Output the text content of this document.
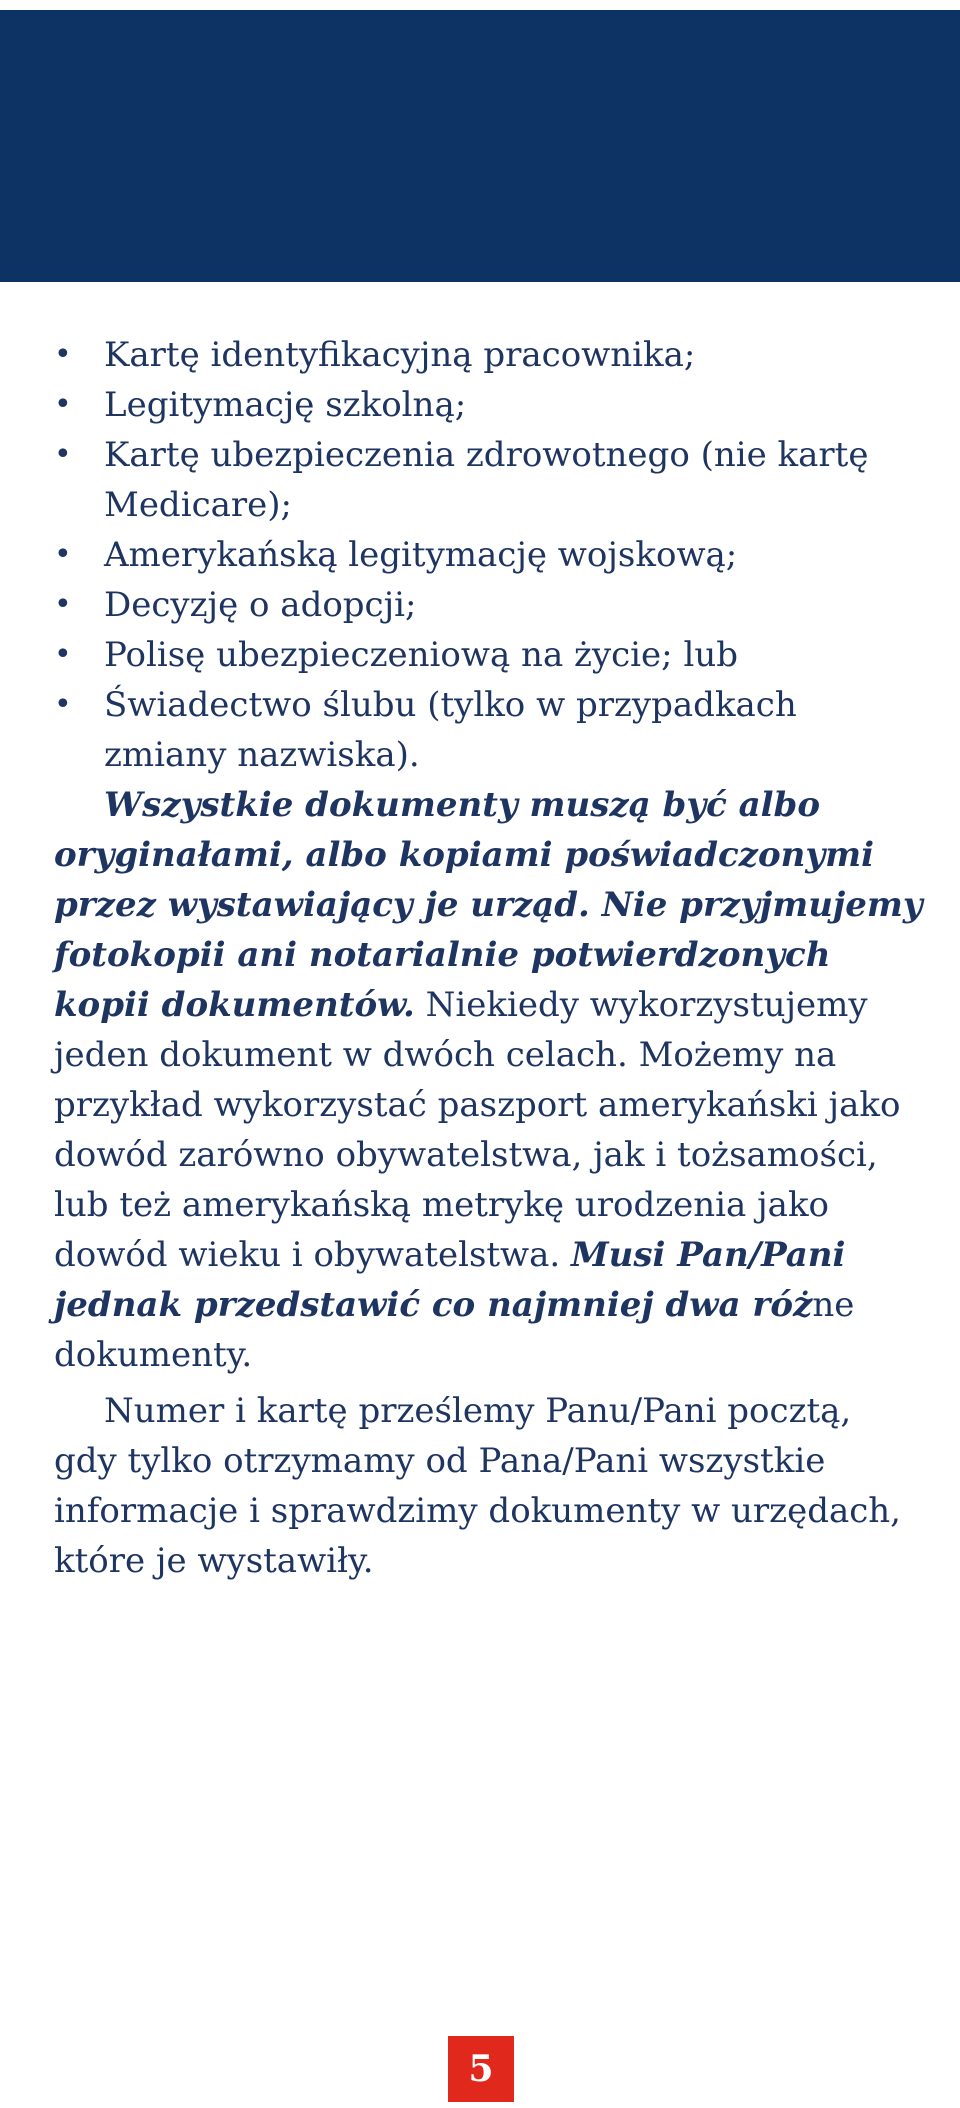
• Kartę identyfikacyjną pracownika;
• Legitymację szkolną;
• Kartę ubezpieczenia zdrowotnego (nie kartę Medicare);
• Amerykańską legitymację wojskową;
• Decyzję o adopcji;
• Polisę ubezpieczeniową na życie; lub
• Świadectwo ślubu (tylko w przypadkach zmiany nazwiska).

Wszystkie dokumenty muszą być albo oryginałami, albo kopiami poświadczonymi przez wystawiający je urząd. Nie przyjmujemy fotokopii ani notarialnie potwierdzonych kopii dokumentów. Niekiedy wykorzystujemy jeden dokument w dwóch celach. Możemy na przykład wykorzystać paszport amerykański jako dowód zarówno obywatelstwa, jak i tożsamości, lub też amerykańską metrykę urodzenia jako dowód wieku i obywatelstwa. Musi Pan/Pani jednak przedstawić co najmniej dwa różne dokumenty.

Numer i kartę prześlemy Panu/Pani pocztą, gdy tylko otrzymamy od Pana/Pani wszystkie informacje i sprawdzimy dokumenty w urzędach, które je wystawiły.

5
